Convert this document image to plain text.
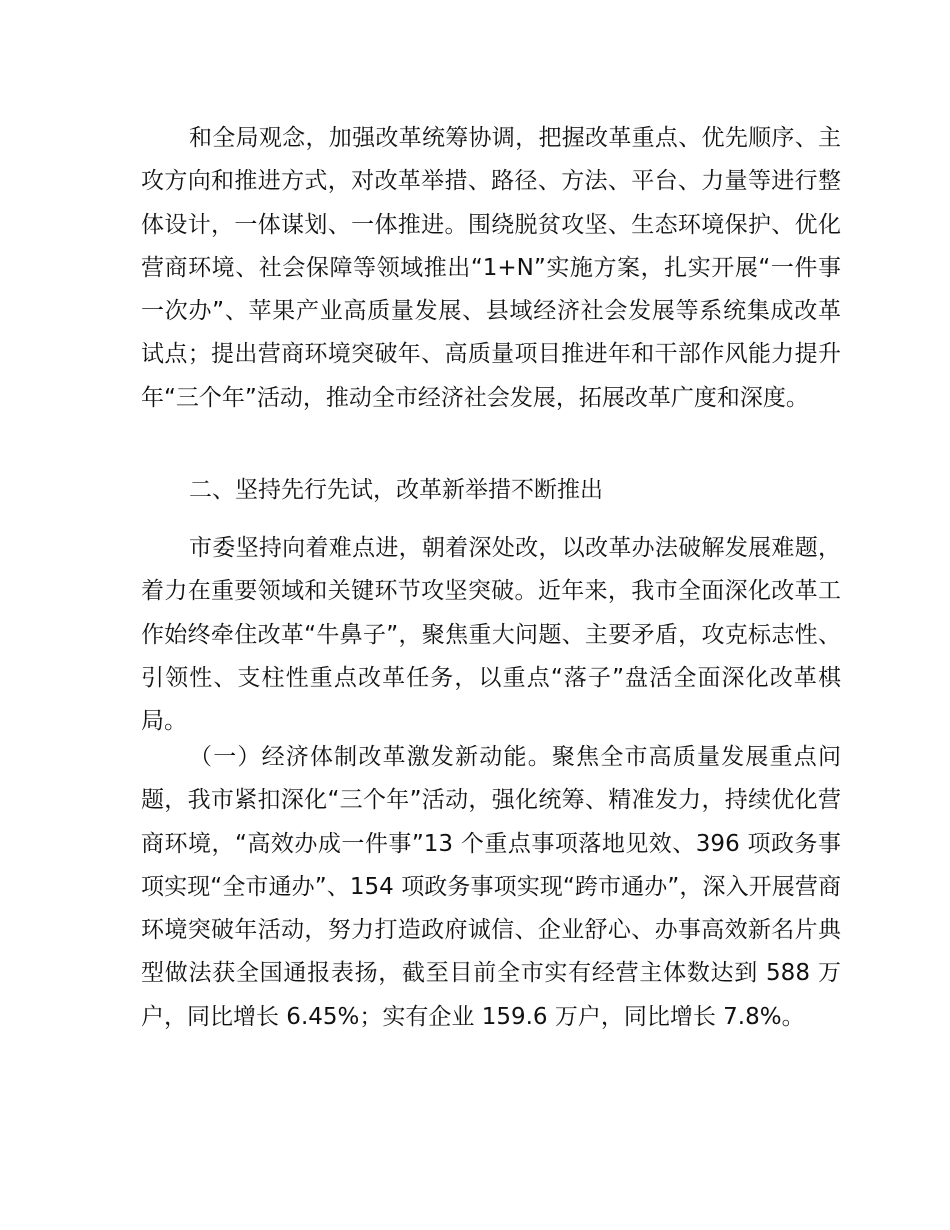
和全局观念，加强改革统筹协调，把握改革重点、优先顺序、主攻方向和推进方式，对改革举措、路径、方法、平台、力量等进行整体设计，一体谋划、一体推进。围绕脱贫攻坚、生态环境保护、优化营商环境、社会保障等领域推出“1+N”实施方案，扎实开展“一件事一次办”、苹果产业高质量发展、县域经济社会发展等系统集成改革试点；提出营商环境突破年、高质量项目推进年和干部作风能力提升年“三个年”活动，推动全市经济社会发展，拓展改革广度和深度。

二、坚持先行先试，改革新举措不断推出

市委坚持向着难点进，朝着深处改，以改革办法破解发展难题，着力在重要领域和关键环节攻坚突破。近年来，我市全面深化改革工作始终牵住改革“牛鼻子”，聚焦重大问题、主要矛盾，攻克标志性、引领性、支柱性重点改革任务，以重点“落子”盘活全面深化改革棋局。

（一）经济体制改革激发新动能。聚焦全市高质量发展重点问题，我市紧扣深化“三个年”活动，强化统筹、精准发力，持续优化营商环境，“高效办成一件事”13 个重点事项落地见效、396 项政务事项实现“全市通办”、154 项政务事项实现“跨市通办”，深入开展营商环境突破年活动，努力打造政府诚信、企业舒心、办事高效新名片典型做法获全国通报表扬，截至目前全市实有经营主体数达到 588 万户，同比增长 6.45%；实有企业 159.6 万户，同比增长 7.8%。
